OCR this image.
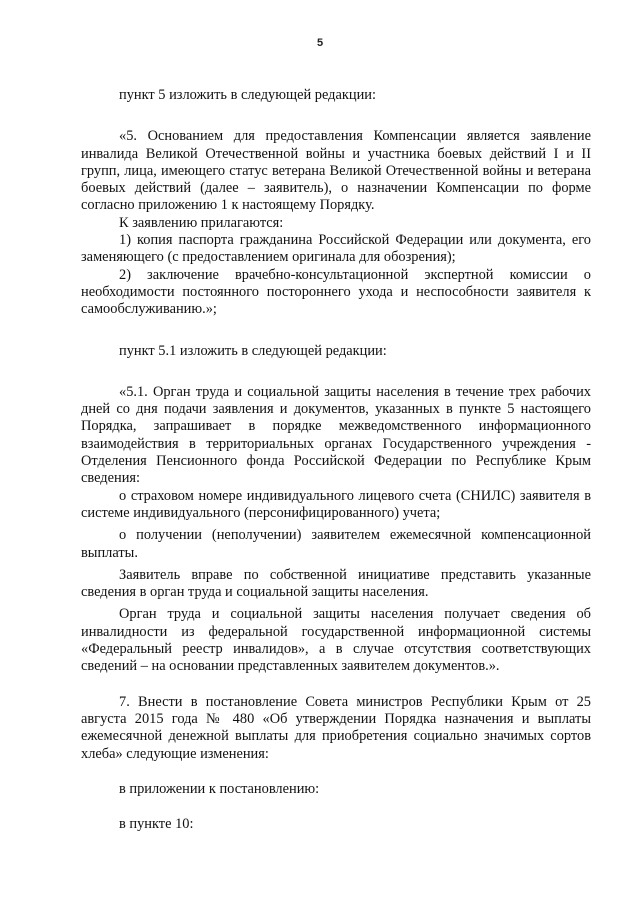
5

пункт 5 изложить в следующей редакции:

«5. Основанием для предоставления Компенсации является заявление инвалида Великой Отечественной войны и участника боевых действий I и II групп, лица, имеющего статус ветерана Великой Отечественной войны и ветерана боевых действий (далее – заявитель), о назначении Компенсации по форме согласно приложению 1 к настоящему Порядку.

К заявлению прилагаются:

1) копия паспорта гражданина Российской Федерации или документа, его заменяющего (с предоставлением оригинала для обозрения);

2) заключение врачебно-консультационной экспертной комиссии о необходимости постоянного постороннего ухода и неспособности заявителя к самообслуживанию.»;

пункт 5.1 изложить в следующей редакции:

«5.1. Орган труда и социальной защиты населения в течение трех рабочих дней со дня подачи заявления и документов, указанных в пункте 5 настоящего Порядка, запрашивает в порядке межведомственного информационного взаимодействия в территориальных органах Государственного учреждения - Отделения Пенсионного фонда Российской Федерации по Республике Крым сведения:

о страховом номере индивидуального лицевого счета (СНИЛС) заявителя в системе индивидуального (персонифицированного) учета;

о получении (неполучении) заявителем ежемесячной компенсационной выплаты.

Заявитель вправе по собственной инициативе представить указанные сведения в орган труда и социальной защиты населения.

Орган труда и социальной защиты населения получает сведения об инвалидности из федеральной государственной информационной системы «Федеральный реестр инвалидов», а в случае отсутствия соответствующих сведений – на основании представленных заявителем документов.».

7. Внести в постановление Совета министров Республики Крым от 25 августа 2015 года № 480 «Об утверждении Порядка назначения и выплаты ежемесячной денежной выплаты для приобретения социально значимых сортов хлеба» следующие изменения:

в приложении к постановлению:

в пункте 10:
